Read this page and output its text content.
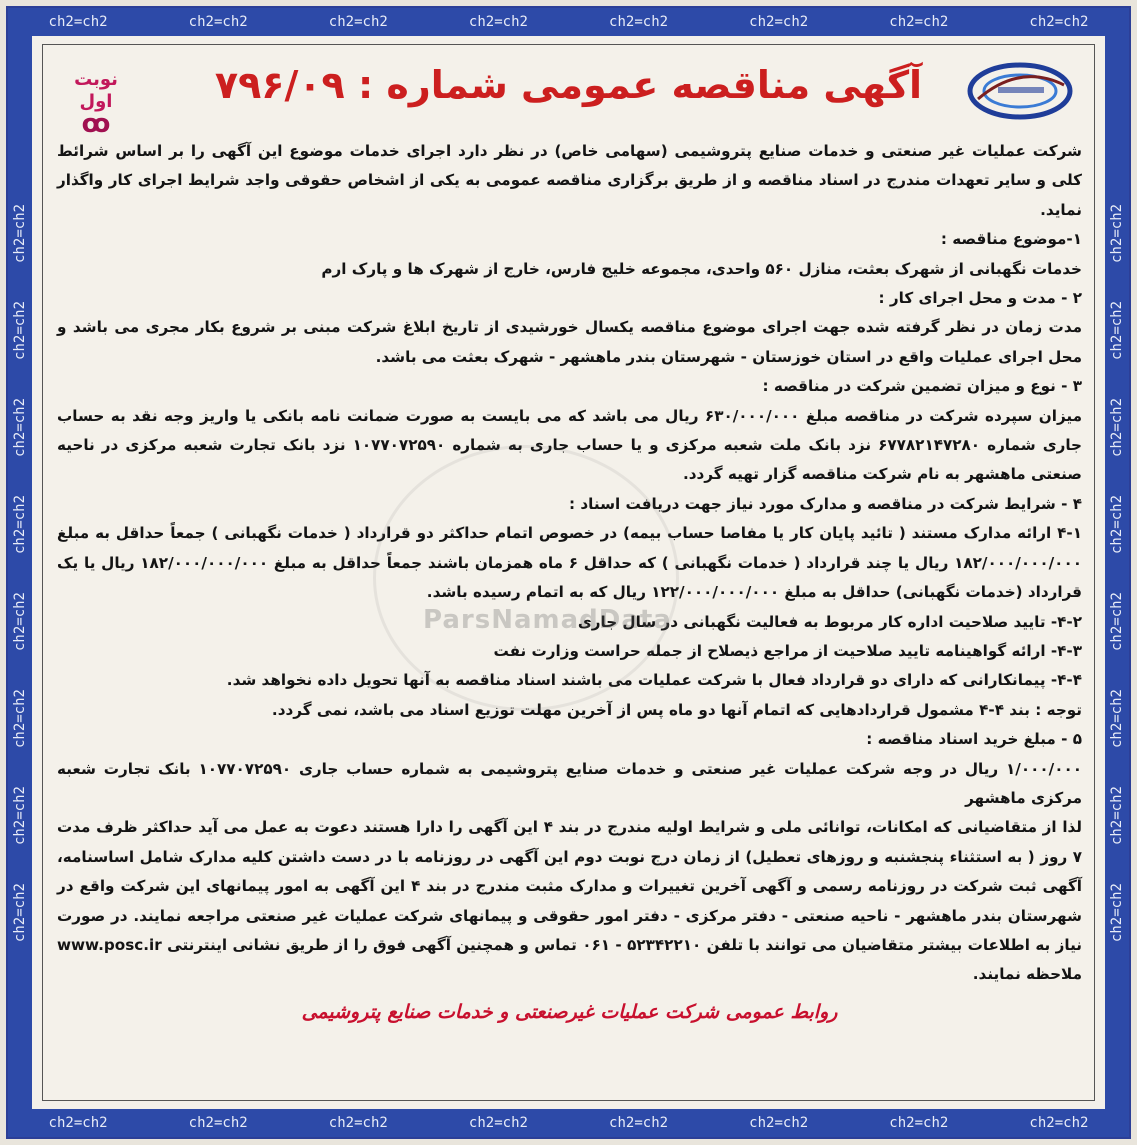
ch2=ch2	ch2=ch2	ch2=ch2	ch2=ch2	ch2=ch2	ch2=ch2	ch2=ch2	ch2=ch2
ch2=ch2	ch2=ch2	ch2=ch2	ch2=ch2	ch2=ch2	ch2=ch2	ch2=ch2	ch2=ch2
ch2=ch2
ch2=ch2
ch2=ch2
ch2=ch2
ch2=ch2
ch2=ch2
ch2=ch2
ch2=ch2
ch2=ch2
ch2=ch2
ch2=ch2
ch2=ch2
ch2=ch2
ch2=ch2
ch2=ch2
ch2=ch2
ParsNamadData
آگهی مناقصه عمومی شماره : ۷۹۶/۰۹
نوبت اول
ꝏ

شرکت عملیات غیر صنعتی و خدمات صنایع پتروشیمی (سهامی خاص) در نظر دارد اجرای خدمات موضوع این آگهی را بر اساس شرائط کلی و سایر تعهدات مندرج در اسناد مناقصه و از طریق برگزاری مناقصه عمومی به یکی از اشخاص حقوقی واجد شرایط اجرای کار واگذار نماید.

۱-موضوع مناقصه :

خدمات نگهبانی از شهرک بعثت، منازل ۵۶۰ واحدی، مجموعه خلیج فارس، خارج از شهرک ها و پارک ارم

۲ - مدت و محل اجرای کار :

مدت زمان در نظر گرفته شده جهت اجرای موضوع مناقصه یکسال خورشیدی از تاریخ ابلاغ شرکت مبنی بر شروع بکار مجری می باشد و محل اجرای عملیات واقع در استان خوزستان - شهرستان بندر ماهشهر - شهرک بعثت می باشد.

۳ - نوع و میزان تضمین شرکت در مناقصه :

میزان سپرده شرکت در مناقصه مبلغ ۶۳۰/۰۰۰/۰۰۰ ریال می باشد که می بایست به صورت ضمانت نامه بانکی یا واریز وجه نقد به حساب جاری شماره ۶۷۷۸۲۱۴۷۲۸۰ نزد بانک ملت شعبه مرکزی و یا حساب جاری به شماره ۱۰۷۷۰۷۲۵۹۰ نزد بانک تجارت شعبه مرکزی در ناحیه صنعتی ماهشهر به نام شرکت مناقصه گزار تهیه گردد.

۴ - شرایط شرکت در مناقصه و مدارک مورد نیاز جهت دریافت اسناد :

۴-۱ ارائه مدارک مستند ( تائید پایان کار یا مفاصا حساب بیمه) در خصوص اتمام حداکثر دو قرارداد ( خدمات نگهبانی ) جمعاً حداقل به مبلغ ۱۸۲/۰۰۰/۰۰۰/۰۰۰ ریال یا چند قرارداد ( خدمات نگهبانی ) که حداقل ۶ ماه همزمان باشند جمعاً حداقل به مبلغ ۱۸۲/۰۰۰/۰۰۰/۰۰۰ ریال یا یک قرارداد (خدمات نگهبانی) حداقل به مبلغ ۱۲۲/۰۰۰/۰۰۰/۰۰۰ ریال که به اتمام رسیده باشد.

۴-۲- تایید صلاحیت اداره کار مربوط به فعالیت نگهبانی در سال جاری

۴-۳- ارائه گواهینامه تایید صلاحیت از مراجع ذیصلاح از جمله حراست وزارت نفت

۴-۴- پیمانکارانی که دارای دو قرارداد فعال با شرکت عملیات می باشند اسناد مناقصه به آنها تحویل داده نخواهد شد.

توجه : بند ۴-۴ مشمول قراردادهایی که اتمام آنها دو ماه پس از آخرین مهلت توزیع اسناد می باشد، نمی گردد.

۵ - مبلغ خرید اسناد مناقصه :

۱/۰۰۰/۰۰۰ ریال در وجه شرکت عملیات غیر صنعتی و خدمات صنایع پتروشیمی به شماره حساب جاری ۱۰۷۷۰۷۲۵۹۰ بانک تجارت شعبه مرکزی ماهشهر

لذا از متقاضیانی که امکانات، توانائی ملی و شرایط اولیه مندرج در بند ۴ این آگهی را دارا هستند دعوت به عمل می آید حداکثر ظرف مدت ۷ روز ( به استثناء پنجشنبه و روزهای تعطیل) از زمان درج نوبت دوم این آگهی در روزنامه با در دست داشتن کلیه مدارک شامل اساسنامه، آگهی ثبت شرکت در روزنامه رسمی و آگهی آخرین تغییرات و مدارک مثبت مندرج در بند ۴ این آگهی به امور پیمانهای این شرکت واقع در شهرستان بندر ماهشهر - ناحیه صنعتی - دفتر مرکزی - دفتر امور حقوقی و پیمانهای شرکت عملیات غیر صنعتی مراجعه نمایند. در صورت نیاز به اطلاعات بیشتر متقاضیان می توانند با تلفن ۵۲۳۴۲۲۱۰ - ۰۶۱ تماس و همچنین آگهی فوق را از طریق نشانی اینترنتی www.posc.ir ملاحظه نمایند.

روابط عمومی شرکت عملیات غیرصنعتی و خدمات صنایع پتروشیمی
